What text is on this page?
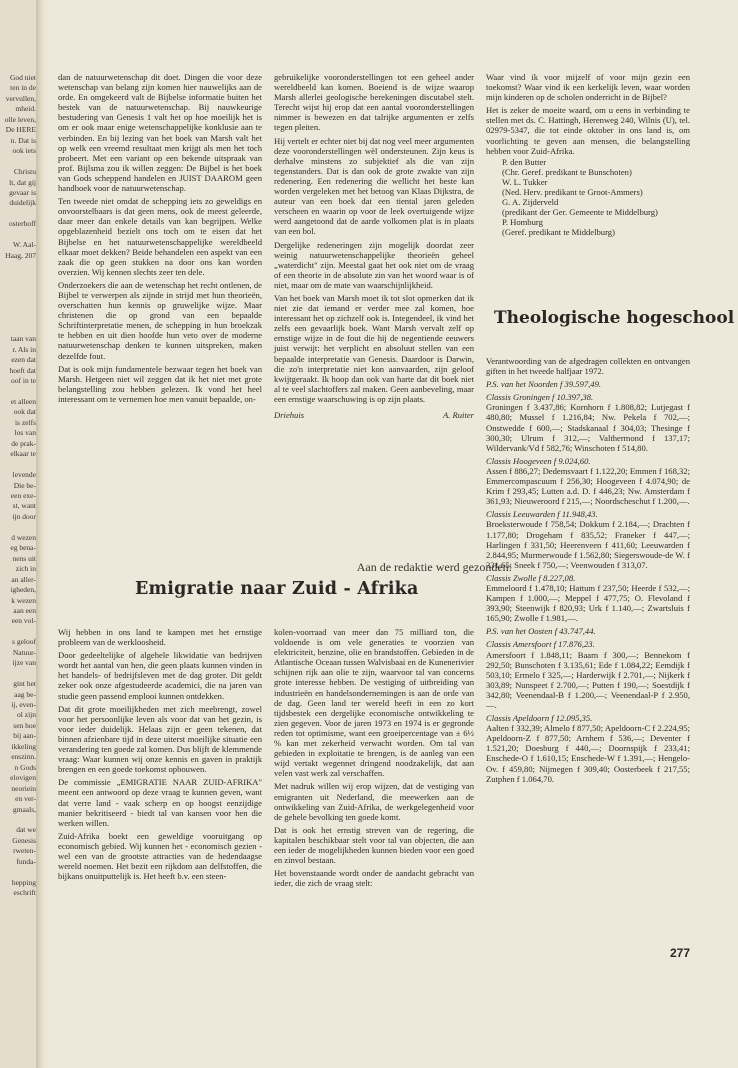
God niet
ten in de
vervullen,
mheid.
olle leven,
De HERE
n. Dat is
ook iets
Christu
lt, dat gij
gevaar is
duidelijk
osterhoff
W. Aal-
Haag, 207
taan van
r. Als in
ezen dat
hoeft dat
oof in te
et alleen
ook dat
is zelfs
los van
de prak-
elkaar te
levende
Die be-
een exe-
st, want
ijn door
d wezen
eg bena-
nens uit
zich in
an aller-
igheden,
k wezen
aan een
een vol-
s geloof
Natuur-
ijze van
gint het
aag be-
ij, even-
ol zijn
sen hoe
bij aan-
ikkeling
enszinn.
n Gods
elovigen
neoriein
en ver-
gmaals,
dat we
Genesis
rweten-
funda-
hepping
eschrift

dan de natuurwetenschap dit doet. Dingen die voor deze wetenschap van belang zijn komen hier nauwelijks aan de orde. En omgekeerd valt de Bijbelse informatie buiten het bestek van de natuurwetenschap. Bij nauwkeurige bestudering van Genesis 1 valt het op hoe moeilijk het is om er ook maar enige wetenschappelijke konklusie aan te verbinden. En bij lezing van het boek van Marsh valt het op welk een vreemd resultaat men krijgt als men het toch probeert. Met een variant op een bekende uitspraak van prof. Bijlsma zou ik willen zeggen: De Bijbel is het boek van Gods scheppend handelen en JUIST DAAROM geen handboek voor de natuurwetenschap.

Ten tweede niet omdat de schepping iets zo geweldigs en onvoorstelbaars is dat geen mens, ook de meest geleerde, daar meer dan enkele details van kan begrijpen. Welke opgeblazenheid bezielt ons toch om te eisen dat het Bijbelse en het natuurwetenschappelijke wereldbeeld elkaar moet dekken? Beide behandelen een aspekt van een zaak die op geen stukken na door ons kan worden overzien. Wij kennen slechts zeer ten dele.

Onderzoekers die aan de wetenschap het recht ontlenen, de Bijbel te verwerpen als zijnde in strijd met hun theorieën, overschatten hun kennis op gruwelijke wijze. Maar christenen die op grond van een bepaalde Schriftinterpretatie menen, de schepping in hun broekzak te hebben en uit dien hoofde hun veto over de moderne natuurwetenschap denken te kunnen uitspreken, maken dezelfde fout.

Dat is ook mijn fundamentele bezwaar tegen het boek van Marsh. Hetgeen niet wil zeggen dat ik het niet met grote belangstelling zou hebben gelezen. Ik vond het heel interessant om te vernemen hoe men vanuit bepaalde, on-

gebruikelijke vooronderstellingen tot een geheel ander wereldbeeld kan komen. Boeiend is de wijze waarop Marsh allerlei geologische berekeningen discutabel stelt. Terecht wijst hij erop dat een aantal vooronderstellingen nimmer is bewezen en dat talrijke argumenten er zelfs tegen pleiten.

Hij vertelt er echter niet bij dat nog veel meer argumenten deze vooronderstellingen wèl ondersteunen. Zijn keus is derhalve minstens zo subjektief als die van zijn tegenstanders. Dat is dan ook de grote zwakte van zijn redenering. Een redenering die wellicht het beste kan worden vergeleken met het betoog van Klaas Dijkstra, de auteur van een boek dat een tiental jaren geleden verscheen en waarin op voor de leek overtuigende wijze werd aangetoond dat de aarde volkomen plat is in plaats van een bol.

Dergelijke redeneringen zijn mogelijk doordat zeer weinig natuurwetenschappelijke theorieën geheel „waterdicht" zijn. Meestal gaat het ook niet om de vraag of een theorie in de absolute zin van het woord waar is of niet, maar om de mate van waarschijnlijkheid.

Van het boek van Marsh moet ik tot slot opmerken dat ik niet zie dat iemand er verder mee zal komen, hoe interessant het op zichzelf ook is. Integendeel, ik vind het zelfs een gevaarlijk boek. Want Marsh vervalt zelf op ernstige wijze in de fout die hij de negentiende eeuwers juist verwijt: het verplicht en absoluut stellen van een bepaalde interpretatie van Genesis. Daardoor is Darwin, die zo'n interpretatie niet kon aanvaarden, zijn geloof kwijtgeraakt. Ik hoop dan ook van harte dat dit boek niet al te veel slachtoffers zal maken. Geen aanbeveling, maar een ernstige waarschuwing is op zijn plaats.

Driehuis	A. Ruiter

Waar vind ik voor mijzelf of voor mijn gezin een toekomst? Waar vind ik een kerkelijk leven, waar worden mijn kinderen op de scholen onderricht in de Bijbel?

Het is zeker de moeite waard, om u eens in verbinding te stellen met ds. C. Hattingh, Herenweg 240, Wilnis (U), tel. 02979-5347, die tot einde oktober in ons land is, om voorlichting te geven aan mensen, die belangstelling hebben voor Zuid-Afrika.

P. den Butter
(Chr. Geref. predikant te Bunschoten)
W. L. Tukker
(Ned. Herv. predikant te Groot-Ammers)
G. A. Zijderveld
(predikant der Ger. Gemeente te Middelburg)
P. Homburg
(Geref. predikant te Middelburg)
Theologische hogeschool

Verantwoording van de afgedragen collekten en ontvangen giften in het tweede halfjaar 1972.

P.S. van het Noorden f 39.597,49.
Classis Groningen f 10.397,38.

Groningen f 3.437,86; Kornhorn f 1.808,82; Lutjegast f 480,80; Mussel f 1.216,84; Nw. Pekela f 702,—; Onstwedde f 600,—; Stadskanaal f 304,03; Thesinge f 300,30; Ulrum f 312,—; Valthermond f 137,17; Wildervank/Vd f 582,76; Winschoten f 514,80.

Classis Hoogeveen f 9.024,60.

Assen f 886,27; Dedemsvaart f 1.122,20; Emmen f 168,32; Emmercompascuum f 256,30; Hoogeveen f 4.074,90; de Krim f 293,45; Lutten a.d. D. f 446,23; Nw. Amsterdam f 361,93; Nieuweroord f 215,—; Noordscheschut f 1.200,—.

Classis Leeuwarden f 11.948,43.

Broeksterwoude f 758,54; Dokkum f 2.184,—; Drachten f 1.177,80; Drogeham f 835,52; Franeker f 447,—; Harlingen f 331,50; Heerenveen f 411,60; Leeuwarden f 2.844,95; Murmerwoude f 1.562,80; Siegerswoude-de W. f 331,65; Sneek f 750,—; Veenwouden f 313,07.

Classis Zwolle f 8.227,08.

Emmeloord f 1.478,10; Hattum f 237,50; Heerde f 532,—; Kampen f 1.000,—; Meppel f 477,75; O. Flevoland f 393,90; Steenwijk f 820,93; Urk f 1.140,—; Zwartsluis f 165,90; Zwolle f 1.981,—.

P.S. van het Oosten f 43.747,44.
Classis Amersfoort f 17.876,23.

Amersfoort f 1.848,11; Baarn f 300,—; Bennekom f 292,50; Bunschoten f 3.135,61; Ede f 1.084,22; Eemdijk f 503,10; Ermelo f 325,—; Harderwijk f 2.701,—; Nijkerk f 303,89; Nunspeet f 2.700,—; Putten f 190,—; Soestdijk f 342,80; Veenendaal-B f 1.200,—; Veenendaal-P f 2.950,—.

Classis Apeldoorn f 12.095,35.

Aalten f 332,39; Almelo f 877,50; Apeldoorn-C f 2.224,95; Apeldoorn-Z f 877,50; Arnhem f 536,—; Deventer f 1.521,20; Doesburg f 440,—; Doornspijk f 233,41; Enschede-O f 1.610,15; Enschede-W f 1.391,—; Hengelo-Ov. f 459,80; Nijmegen f 309,40; Oosterbeek f 217,55; Zutphen f 1.064,70.

Aan de redaktie werd gezonden:
Emigratie naar Zuid - Afrika

Wij hebben in ons land te kampen met het ernstige probleem van de werkloosheid.

Door gedeeltelijke of algehele likwidatie van bedrijven wordt het aantal van hen, die geen plaats kunnen vinden in het handels- of bedrijfsleven met de dag groter. Dit geldt zeker ook onze afgestudeerde academici, die na jaren van studie geen passend emplooi kunnen ontdekken.

Dat dit grote moeilijkheden met zich meebrengt, zowel voor het persoonlijke leven als voor dat van het gezin, is voor ieder duidelijk. Helaas zijn er geen tekenen, dat binnen afzienbare tijd in deze uiterst moeilijke situatie een verandering ten goede zal komen. Dus blijft de klemmende vraag: Waar kunnen wij onze kennis en gaven in praktijk brengen en een goede toekomst opbouwen.

De commissie „EMIGRATIE NAAR ZUID-AFRIKA" meent een antwoord op deze vraag te kunnen geven, want dat verre land - vaak scherp en op hoogst eenzijdige manier bekritiseerd - biedt tal van kansen voor hen die werken willen.

Zuid-Afrika boekt een geweldige vooruitgang op economisch gebied. Wij kunnen het - economisch gezien - wel een van de grootste attracties van de hedendaagse wereld noemen. Het bezit een rijkdom aan delfstoffen, die bijkans onuitputtelijk is. Het heeft b.v. een steen-

kolen-voorraad van meer dan 75 milliard ton, die voldoende is om vele generaties te voorzien van elektriciteit, benzine, olie en brandstoffen. Gebieden in de Atlantische Oceaan tussen Walvisbaai en de Kunenerivier schijnen rijk aan olie te zijn, waarvoor tal van concerns grote interesse hebben. De vestiging of uitbreiding van industrieën en handelsondernemingen is aan de orde van de dag. Geen land ter wereld heeft in een zo kort tijdsbestek een dergelijke economische ontwikkeling te zien gegeven. Voor de jaren 1973 en 1974 is er gegronde reden tot optimisme, want een groeipercentage van ± 6½ % kan met zekerheid verwacht worden. Om tal van gebieden in exploitatie te brengen, is de aanleg van een wijd vertakt wegennet dringend noodzakelijk, dat aan velen vast werk zal verschaffen.

Met nadruk willen wij erop wijzen, dat de vestiging van emigranten uit Nederland, die meewerken aan de ontwikkeling van Zuid-Afrika, de werkgelegenheid voor de gehele bevolking ten goede komt.

Dat is ook het ernstig streven van de regering, die kapitalen beschikbaar stelt voor tal van objecten, die aan een ieder de mogelijkheden kunnen bieden voor een goed en zinvol bestaan.

Het bovenstaande wordt onder de aandacht gebracht van ieder, die zich de vraag stelt:

277
